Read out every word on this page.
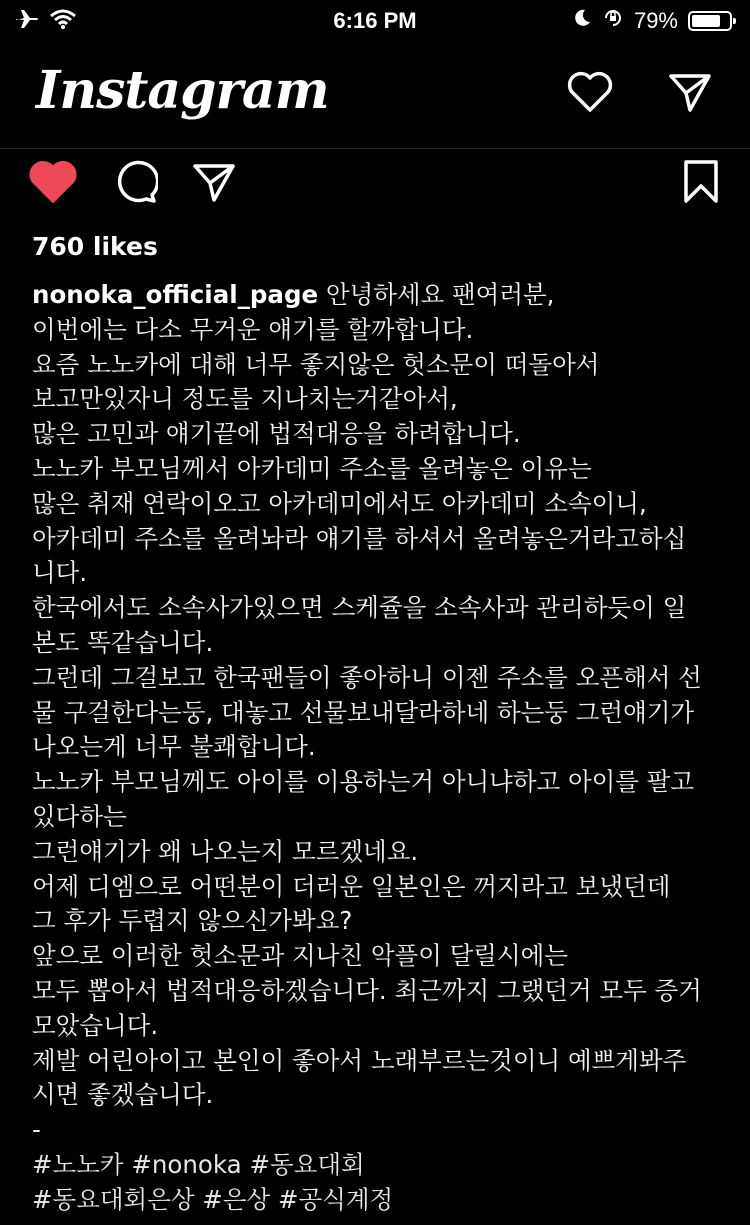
6:16 PM	79%
Instagram
760 likes
nonoka_official_page 안녕하세요 팬여러분,
이번에는 다소 무거운 얘기를 할까합니다.
요즘 노노카에 대해 너무 좋지않은 헛소문이 떠돌아서
보고만있자니 정도를 지나치는거같아서,
많은 고민과 얘기끝에 법적대응을 하려합니다.
노노카 부모님께서 아카데미 주소를 올려놓은 이유는
많은 취재 연락이오고 아카데미에서도 아카데미 소속이니,
아카데미 주소를 올려놔라 얘기를 하셔서 올려놓은거라고하십
니다.
한국에서도 소속사가있으면 스케쥴을 소속사과 관리하듯이 일
본도 똑같습니다.
그런데 그걸보고 한국팬들이 좋아하니 이젠 주소를 오픈해서 선
물 구걸한다는둥, 대놓고 선물보내달라하네 하는둥 그런얘기가
나오는게 너무 불쾌합니다.
노노카 부모님께도 아이를 이용하는거 아니냐하고 아이를 팔고
있다하는
그런얘기가 왜 나오는지 모르겠네요.
어제 디엠으로 어떤분이 더러운 일본인은 꺼지라고 보냈던데
그 후가 두렵지 않으신가봐요?
앞으로 이러한 헛소문과 지나친 악플이 달릴시에는
모두 뽑아서 법적대응하겠습니다. 최근까지 그랬던거 모두 증거
모았습니다.
제발 어린아이고 본인이 좋아서 노래부르는것이니 예쁘게봐주
시면 좋겠습니다.
-
#노노카 #nonoka #동요대회
#동요대회은상 #은상 #공식계정
